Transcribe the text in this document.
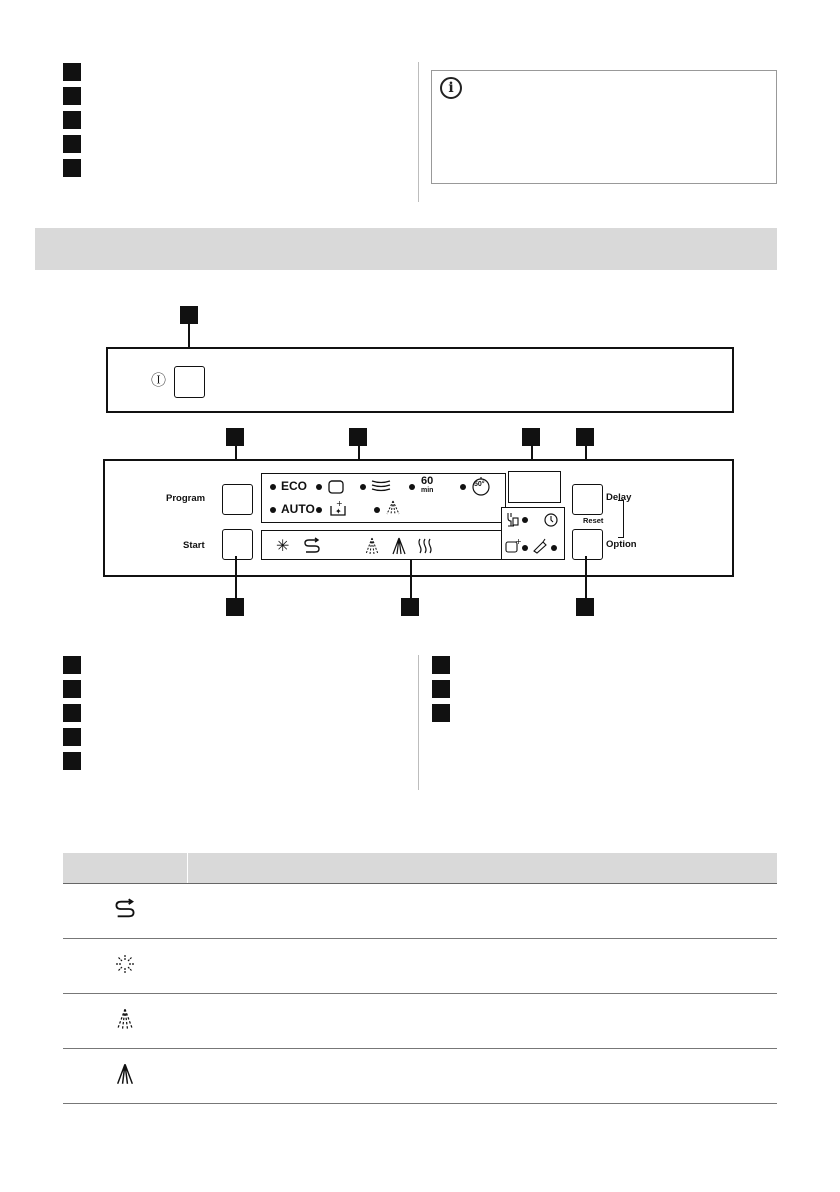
i
Ⓘ
Program
Start
ECO	60
min
50°
AUTO	+
✦
✳	+
Delay
Reset
Option
